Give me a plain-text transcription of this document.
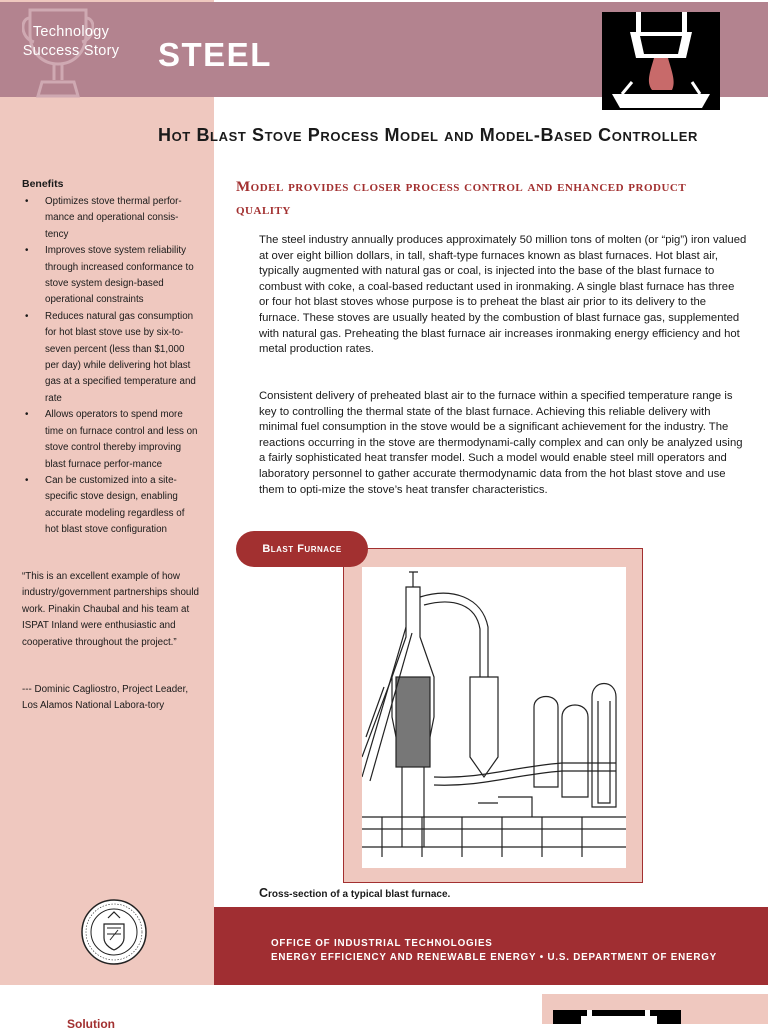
Technology Success Story STEEL
Hot Blast Stove Process Model and Model-Based Controller
Model provides closer process control and enhanced product quality
The steel industry annually produces approximately 50 million tons of molten (or “pig”) iron valued at over eight billion dollars, in tall, shaft-type furnaces known as blast furnaces. Hot blast air, typically augmented with natural gas or coal, is injected into the base of the blast furnace to combust with coke, a coal-based reductant used in ironmaking. A single blast furnace has three or four hot blast stoves whose purpose is to preheat the blast air prior to its delivery to the furnace. These stoves are usually heated by the combustion of blast furnace gas, supplemented with natural gas. Preheating the blast furnace air increases ironmaking energy efficiency and hot metal production rates.
Consistent delivery of preheated blast air to the furnace within a specified temperature range is key to controlling the thermal state of the blast furnace. Achieving this reliable delivery with minimal fuel consumption in the stove would be a significant achievement for the industry. The reactions occurring in the stove are thermodynami-cally complex and can only be analyzed using a fairly sophisticated heat transfer model. Such a model would enable steel mill operators and laboratory personnel to gather accurate thermodynamic data from the hot blast stove and use them to opti-mize the stove’s heat transfer characteristics.
Benefits
• Optimizes stove thermal perfor-mance and operational consis-tency
• Improves stove system reliability through increased conformance to stove system design-based operational constraints
• Reduces natural gas consumption for hot blast stove use by six-to-seven percent (less than $1,000 per day) while delivering hot blast gas at a specified temperature and rate
• Allows operators to spend more time on furnace control and less on stove control thereby improving blast furnace perfor-mance
• Can be customized into a site-specific stove design, enabling accurate modeling regardless of hot blast stove configuration
“This is an excellent example of how industry/government partnerships should work. Pinakin Chaubal and his team at ISPAT Inland were enthusiastic and cooperative throughout the project.”
--- Dominic Cagliostro, Project Leader, Los Alamos National Labora-tory
Blast Furnace
Cross-section of a typical blast furnace.
OFFICE OF INDUSTRIAL TECHNOLOGIES
ENERGY EFFICIENCY AND RENEWABLE ENERGY • U.S. DEPARTMENT OF ENERGY
Solution
